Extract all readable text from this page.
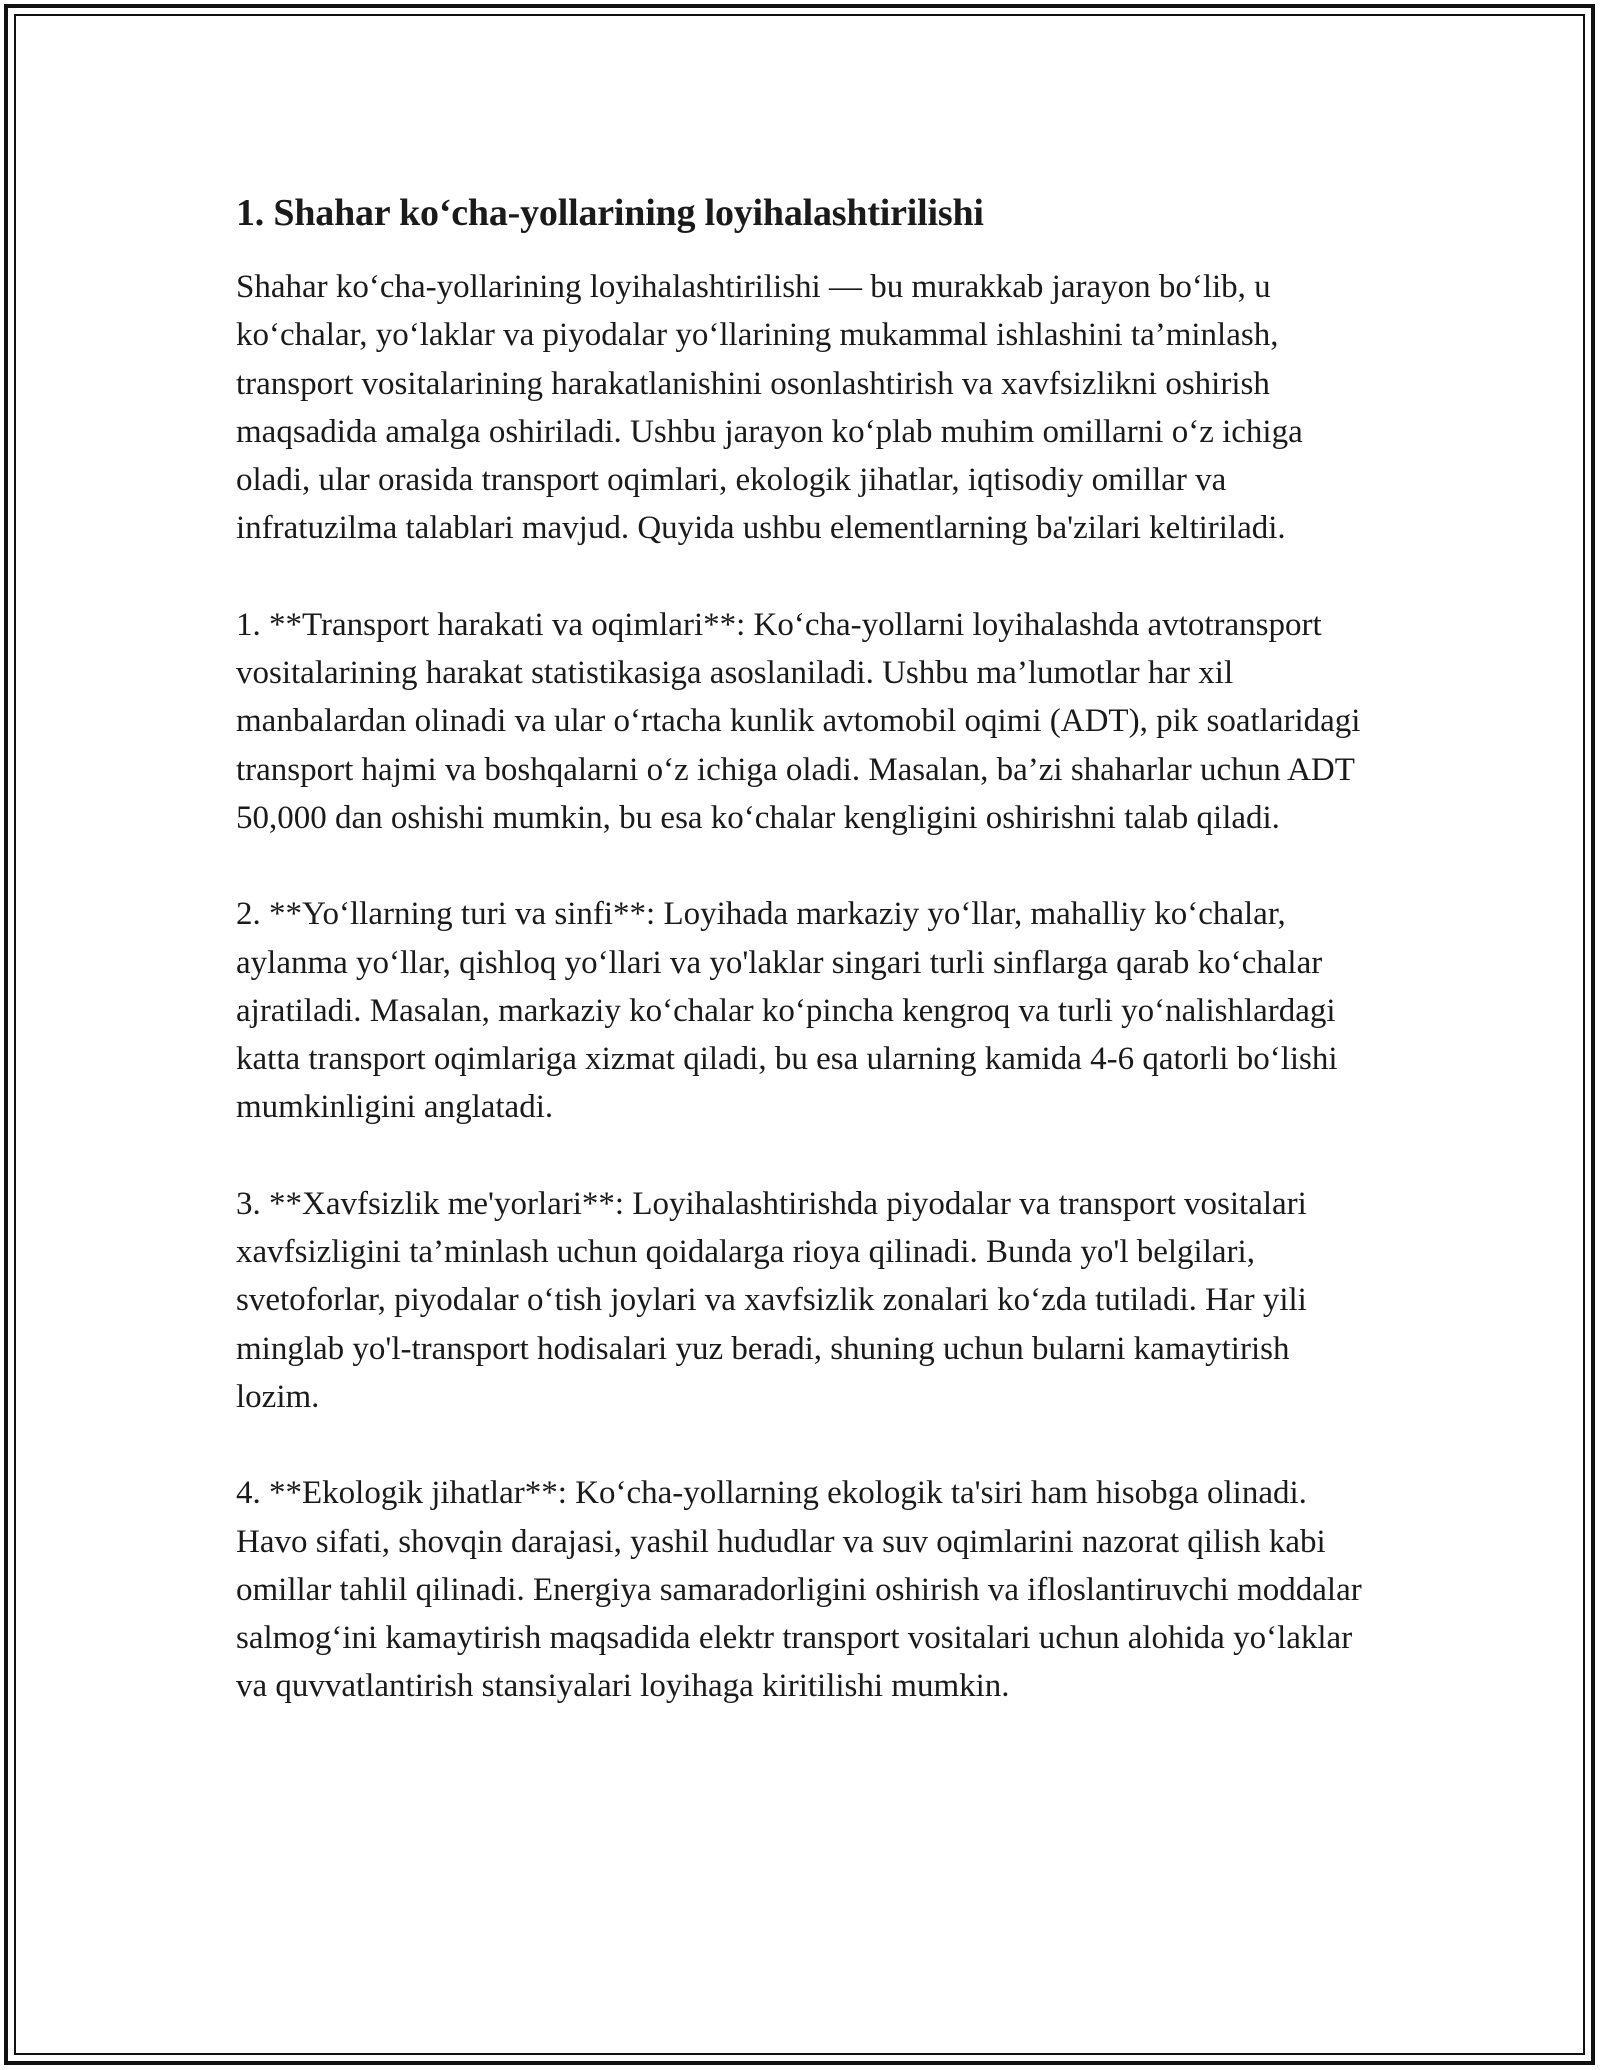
1. Shahar ko‘cha-yollarining loyihalashtirilishi

Shahar ko‘cha-yollarining loyihalashtirilishi — bu murakkab jarayon bo‘lib, u ko‘chalar, yo‘laklar va piyodalar yo‘llarining mukammal ishlashini ta’minlash, transport vositalarining harakatlanishini osonlashtirish va xavfsizlikni oshirish maqsadida amalga oshiriladi. Ushbu jarayon ko‘plab muhim omillarni o‘z ichiga oladi, ular orasida transport oqimlari, ekologik jihatlar, iqtisodiy omillar va infratuzilma talablari mavjud. Quyida ushbu elementlarning ba'zilari keltiriladi.

1. **Transport harakati va oqimlari**: Ko‘cha-yollarni loyihalashda avtotransport vositalarining harakat statistikasiga asoslaniladi. Ushbu ma’lumotlar har xil manbalardan olinadi va ular o‘rtacha kunlik avtomobil oqimi (ADT), pik soatlaridagi transport hajmi va boshqalarni o‘z ichiga oladi. Masalan, ba’zi shaharlar uchun ADT 50,000 dan oshishi mumkin, bu esa ko‘chalar kengligini oshirishni talab qiladi.

2. **Yo‘llarning turi va sinfi**: Loyihada markaziy yo‘llar, mahalliy ko‘chalar, aylanma yo‘llar, qishloq yo‘llari va yo'laklar singari turli sinflarga qarab ko‘chalar ajratiladi. Masalan, markaziy ko‘chalar ko‘pincha kengroq va turli yo‘nalishlardagi katta transport oqimlariga xizmat qiladi, bu esa ularning kamida 4-6 qatorli bo‘lishi mumkinligini anglatadi.

3. **Xavfsizlik me'yorlari**: Loyihalashtirishda piyodalar va transport vositalari xavfsizligini ta’minlash uchun qoidalarga rioya qilinadi. Bunda yo'l belgilari, svetoforlar, piyodalar o‘tish joylari va xavfsizlik zonalari ko‘zda tutiladi. Har yili minglab yo'l-transport hodisalari yuz beradi, shuning uchun bularni kamaytirish lozim.

4. **Ekologik jihatlar**: Ko‘cha-yollarning ekologik ta'siri ham hisobga olinadi. Havo sifati, shovqin darajasi, yashil hududlar va suv oqimlarini nazorat qilish kabi omillar tahlil qilinadi. Energiya samaradorligini oshirish va ifloslantiruvchi moddalar salmog‘ini kamaytirish maqsadida elektr transport vositalari uchun alohida yo‘laklar va quvvatlantirish stansiyalari loyihaga kiritilishi mumkin.
